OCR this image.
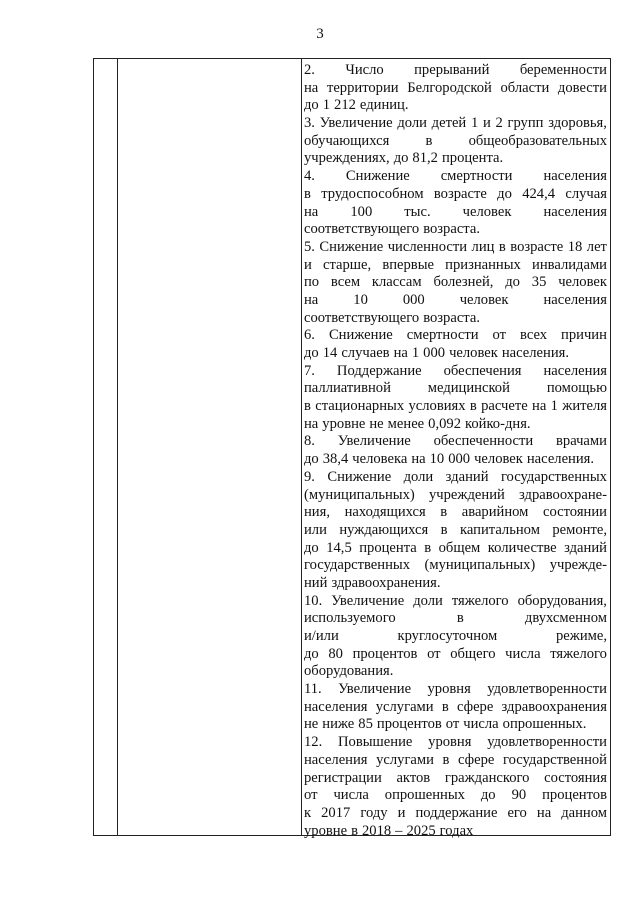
3
2. Число прерываний беременности
на территории Белгородской области довести
до 1 212 единиц.
3. Увеличение доли детей 1 и 2 групп здоровья,
обучающихся в общеобразовательных
учреждениях, до 81,2 процента.
4. Снижение смертности населения
в трудоспособном возрасте до 424,4 случая
на 100 тыс. человек населения
соответствующего возраста.
5. Снижение численности лиц в возрасте 18 лет
и старше, впервые признанных инвалидами
по всем классам болезней, до 35 человек
на 10 000 человек населения
соответствующего возраста.
6. Снижение смертности от всех причин
до 14 случаев на 1 000 человек населения.
7. Поддержание обеспечения населения
паллиативной	медицинской	помощью
в стационарных условиях в расчете на 1 жителя
на уровне не менее 0,092 койко-дня.
8. Увеличение обеспеченности врачами
до 38,4 человека на 10 000 человек населения.
9. Снижение доли зданий государственных
(муниципальных) учреждений здравоохране-
ния, находящихся в аварийном состоянии
или нуждающихся в капитальном ремонте,
до 14,5 процента в общем количестве зданий
государственных (муниципальных) учрежде-
ний здравоохранения.
10. Увеличение доли тяжелого оборудования,
используемого	в	двухсменном
и/или	круглосуточном	режиме,
до 80 процентов от общего числа тяжелого
оборудования.
11. Увеличение уровня удовлетворенности
населения услугами в сфере здравоохранения
не ниже 85 процентов от числа опрошенных.
12. Повышение уровня удовлетворенности
населения услугами в сфере государственной
регистрации актов гражданского состояния
от числа опрошенных до 90 процентов
к 2017 году и поддержание его на данном
уровне в 2018 – 2025 годах
